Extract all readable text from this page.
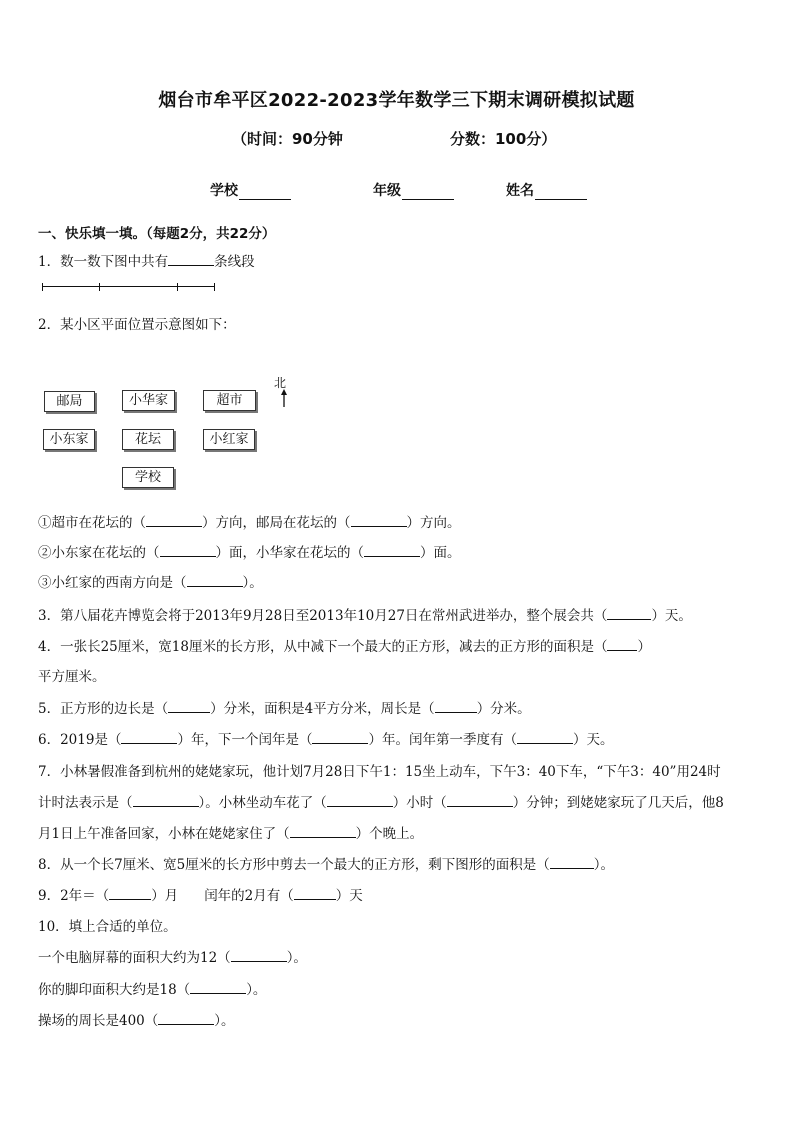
烟台市牟平区2022-2023学年数学三下期末调研模拟试题
（时间：90分钟	分数：100分）
学校	年级	姓名
一、快乐填一填。（每题2分，共22分）
1．数一数下图中共有	条线段
2．某小区平面位置示意图如下：
北
邮局	小华家	超市
小东家	花坛	小红家
学校
①超市在花坛的（	）方向，邮局在花坛的（	）方向。
②小东家在花坛的（	）面，小华家在花坛的（	）面。
③小红家的西南方向是（	）。
3．第八届花卉博览会将于2013年9月28日至2013年10月27日在常州武进举办，整个展会共（	）天。
4．一张长25厘米，宽18厘米的长方形，从中减下一个最大的正方形，减去的正方形的面积是（ ）
平方厘米。
5．正方形的边长是（	）分米，面积是4平方分米，周长是（	）分米。
6．2019是（	）年，下一个闰年是（	）年。闰年第一季度有（	）天。
7．小林暑假准备到杭州的姥姥家玩，他计划7月28日下午1：15坐上动车，下午3：40下车，“下午3：40”用24时
计时法表示是（	）。小林坐动车花了（	）小时（	）分钟；到姥姥家玩了几天后，他8
月1日上午准备回家，小林在姥姥家住了（	）个晚上。
8．从一个长7厘米、宽5厘米的长方形中剪去一个最大的正方形，剩下图形的面积是（	）。
9．2年＝（	）月 闰年的2月有（	）天
10．填上合适的单位。
一个电脑屏幕的面积大约为12（	）。
你的脚印面积大约是18（	）。
操场的周长是400（	）。
